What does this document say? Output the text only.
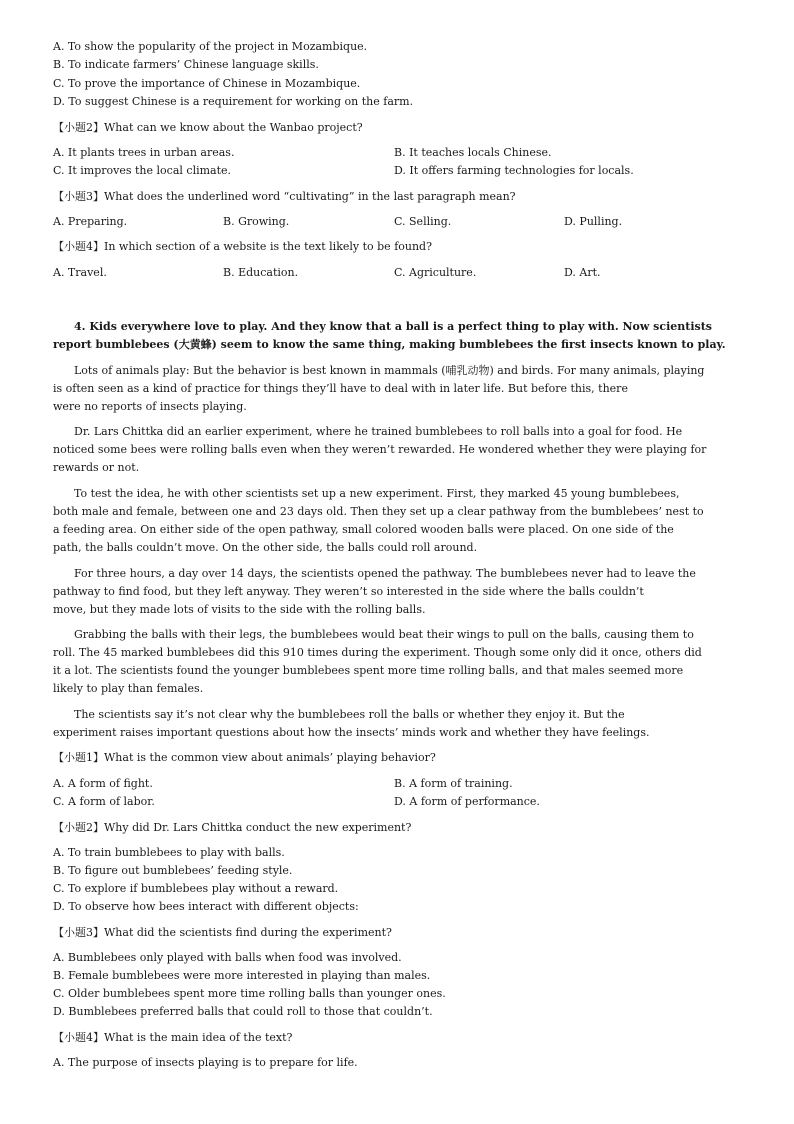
A. To show the popularity of the project in Mozambique.
B. To indicate farmers’ Chinese language skills.
C. To prove the importance of Chinese in Mozambique.
D. To suggest Chinese is a requirement for working on the farm.
【小题2】What can we know about the Wanbao project?
A. It plants trees in urban areas.	B. It teaches locals Chinese.
C. It improves the local climate.	D. It offers farming technologies for locals.
【小题3】What does the underlined word “cultivating” in the last paragraph mean?
A. Preparing.	B. Growing.	C. Selling.	D. Pulling.
【小题4】In which section of a website is the text likely to be found?
A. Travel.	B. Education.	C. Agriculture.	D. Art.
4. Kids everywhere love to play. And they know that a ball is a perfect thing to play with. Now scientists
report bumblebees (大黄蜂) seem to know the same thing, making bumblebees the first insects known to play.
Lots of animals play: But the behavior is best known in mammals (哺乳动物) and birds. For many animals, playing
is often seen as a kind of practice for things they’ll have to deal with in later life. But before this, there
were no reports of insects playing.
Dr. Lars Chittka did an earlier experiment, where he trained bumblebees to roll balls into a goal for food. He
noticed some bees were rolling balls even when they weren’t rewarded. He wondered whether they were playing for
rewards or not.
To test the idea, he with other scientists set up a new experiment. First, they marked 45 young bumblebees,
both male and female, between one and 23 days old. Then they set up a clear pathway from the bumblebees’ nest to
a feeding area. On either side of the open pathway, small colored wooden balls were placed. On one side of the
path, the balls couldn’t move. On the other side, the balls could roll around.
For three hours, a day over 14 days, the scientists opened the pathway. The bumblebees never had to leave the
pathway to find food, but they left anyway. They weren’t so interested in the side where the balls couldn’t
move, but they made lots of visits to the side with the rolling balls.
Grabbing the balls with their legs, the bumblebees would beat their wings to pull on the balls, causing them to
roll. The 45 marked bumblebees did this 910 times during the experiment. Though some only did it once, others did
it a lot. The scientists found the younger bumblebees spent more time rolling balls, and that males seemed more
likely to play than females.
The scientists say it’s not clear why the bumblebees roll the balls or whether they enjoy it. But the
experiment raises important questions about how the insects’ minds work and whether they have feelings.
【小题1】What is the common view about animals’ playing behavior?
A. A form of fight.	B. A form of training.
C. A form of labor.	D. A form of performance.
【小题2】Why did Dr. Lars Chittka conduct the new experiment?
A. To train bumblebees to play with balls.
B. To figure out bumblebees’ feeding style.
C. To explore if bumblebees play without a reward.
D. To observe how bees interact with different objects:
【小题3】What did the scientists find during the experiment?
A. Bumblebees only played with balls when food was involved.
B. Female bumblebees were more interested in playing than males.
C. Older bumblebees spent more time rolling balls than younger ones.
D. Bumblebees preferred balls that could roll to those that couldn’t.
【小题4】What is the main idea of the text?
A. The purpose of insects playing is to prepare for life.
